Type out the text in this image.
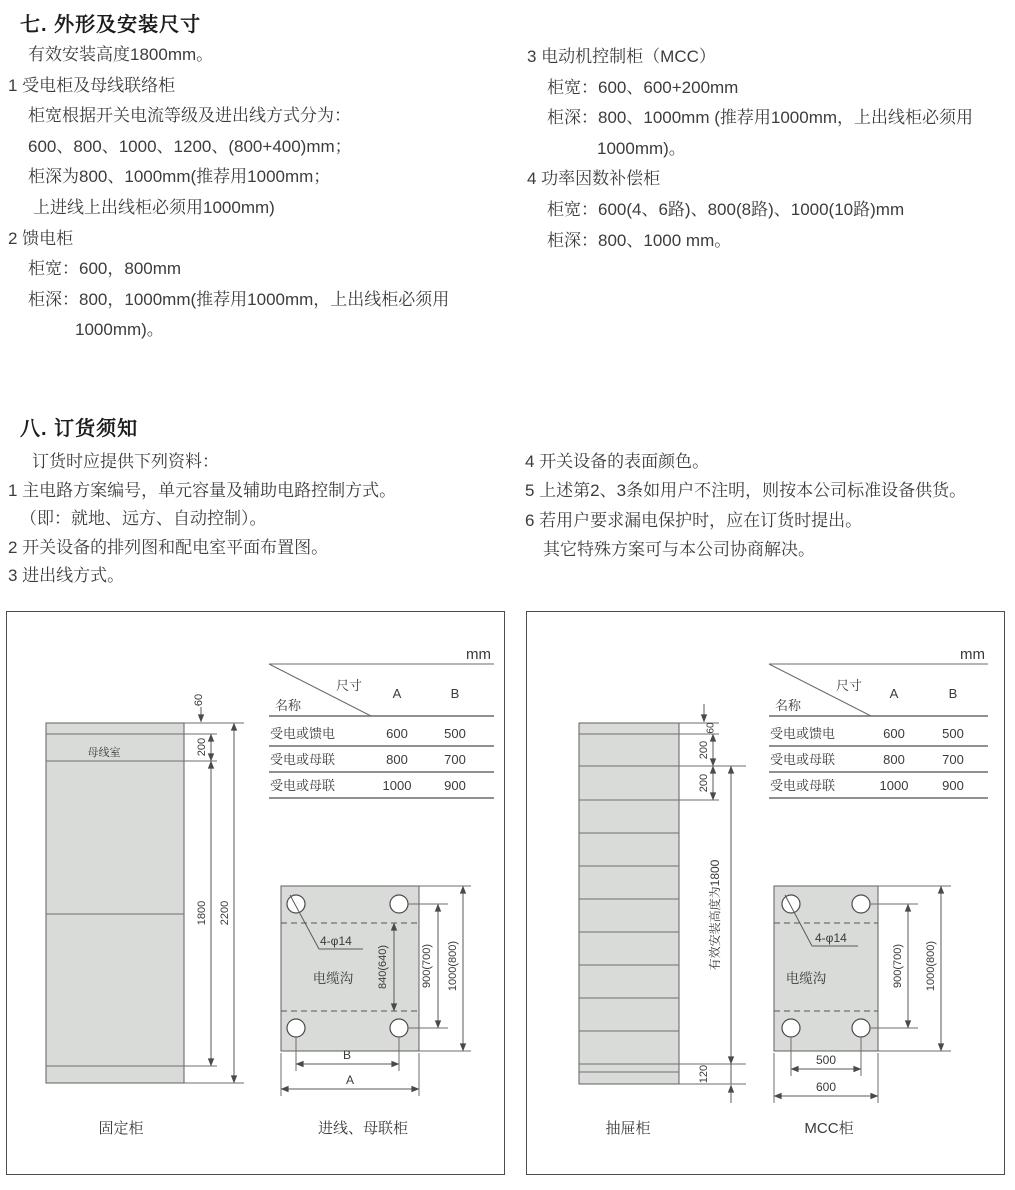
七. 外形及安装尺寸
有效安装高度1800mm。
1 受电柜及母线联络柜
柜宽根据开关电流等级及进出线方式分为：
600、800、1000、1200、(800+400)mm；
柜深为800、1000mm(推荐用1000mm；
上进线上出线柜必须用1000mm)
2 馈电柜
柜宽：600，800mm
柜深：800，1000mm(推荐用1000mm，上出线柜必须用
1000mm)。
3 电动机控制柜（MCC）
柜宽：600、600+200mm
柜深：800、1000mm (推荐用1000mm，上出线柜必须用
1000mm)。
4 功率因数补偿柜
柜宽：600(4、6路)、800(8路)、1000(10路)mm
柜深：800、1000 mm。
八. 订货须知
订货时应提供下列资料：
1 主电路方案编号，单元容量及辅助电路控制方式。
（即：就地、远方、自动控制）。
2 开关设备的排列图和配电室平面布置图。
3 进出线方式。
4 开关设备的表面颜色。
5 上述第2、3条如用户不注明，则按本公司标准设备供货。
6 若用户要求漏电保护时，应在订货时提出。
其它特殊方案可与本公司协商解决。
母线室
60
200
1800 2200
固定柜
mm
尺寸
名称
A	B
受电或馈电	600	500
受电或母联	800	700
受电或母联	1000	900
4-φ14
电缆沟 840(640)	900(700) 1000(800)
B
A
进线、母联柜
60
200
200
有效安装高度为1800
120
抽屉柜
mm
尺寸
名称
A	B
受电或馈电	600	500
受电或母联	800	700
受电或母联	1000	900
4-φ14
电缆沟	900(700) 1000(800)
500
600
MCC柜
